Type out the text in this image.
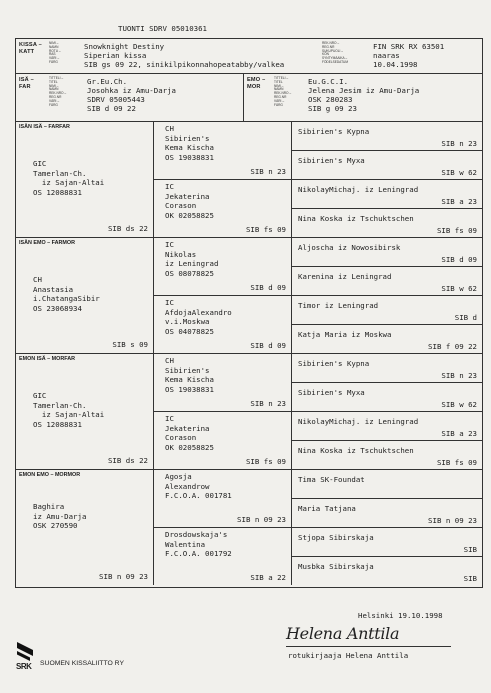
TUONTI SDRV 05010361
KISSA – KATT
NIMI –
NAMN
ROTU –
RAS
VÄRI –
FÄRG
Snowknight Destiny
Siperian kissa
SIB gs 09 22, sinikilpikonnahopeatabby/valkea
REK.NRO –
REG.NR
SUKUPUOLI –
KÖN
SYNTYMÄAIKA –
FÖDELSEDATUM
FIN SRK RX 63501
naaras
10.04.1998
ISÄ – FAR
TITTELI –
TITEL
NIMI –
NAMN
REK.NRO –
REG.NR
VÄRI –
FÄRG
Gr.Eu.Ch.
Josohka iz Amu-Darja
SDRV 05005443
SIB d 09 22
EMO – MOR
TITTELI –
TITEL
NIMI –
NAMN
REK.NRO –
REG.NR
VÄRI –
FÄRG
Eu.G.C.I.
Jelena Jesim iz Amu-Darja
OSK 280283
SIB g 09 23
ISÄN ISÄ – FARFAR
GIC
Tamerlan-Ch.
iz Sajan-Altai
OS 12088831
SIB ds 22
CH
Sibirien's
Kema Kischa
OS 19038831
SIB n 23
IC
Jekaterina
Corason
OK 02058825
SIB fs 09
Sibirien's Kypna
SIB n 23
Sibirien's Myxa
SIB w 62
NikolayMichaj. iz Leningrad
SIB a 23
Nina Koska iz Tschuktschen
SIB fs 09
ISÄN EMO – FARMOR
CH
Anastasia
i.ChatangaSibir
OS 23068934
SIB s 09
IC
Nikolas
iz Leningrad
OS 08078825
SIB d 09
IC
AfdojaAlexandro
v.i.Moskwa
OS 04078825
SIB d 09
Aljoscha iz Nowosibirsk
SIB d 09
Karenina iz Leningrad
SIB w 62
Timor iz Leningrad
SIB d
Katja Maria iz Moskwa
SIB f 09 22
EMON ISÄ – MORFAR
GIC
Tamerlan-Ch.
iz Sajan-Altai
OS 12088831
SIB ds 22
CH
Sibirien's
Kema Kischa
OS 19038831
SIB n 23
IC
Jekaterina
Corason
OK 02058825
SIB fs 09
Sibirien's Kypna
SIB n 23
Sibirien's Myxa
SIB w 62
NikolayMichaj. iz Leningrad
SIB a 23
Nina Koska iz Tschuktschen
SIB fs 09
EMON EMO – MORMOR
Baghira
iz Amu-Darja
OSK 270590
SIB n 09 23
Agosja
Alexandrow
F.C.O.A. 001781
SIB n 09 23
Drosdowskaja's
Walentina
F.C.O.A. 001792
SIB a 22
Tima SK-Foundat
Maria Tatjana
SIB n 09 23
Stjopa Sibirskaja
SIB
Musbka Sibirskaja
SIB
Helsinki 19.10.1998
Helena Anttila
rotukirjaaja Helena Anttila
SRK SUOMEN KISSALIITTO RY
